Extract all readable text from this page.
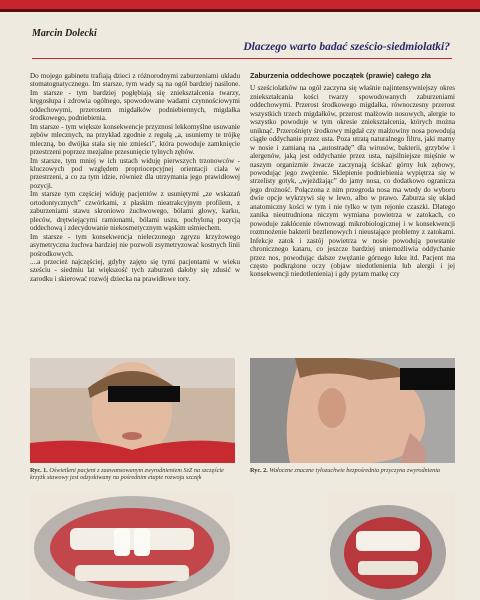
Marcin Dolecki
Dlaczego warto badać sześcio-siedmiolatki?

Do mojego gabinetu trafiają dzieci z różnorodnymi zaburzeniami układu stomatognatycznego. Im starsze, tym wady są na ogół bardziej nasilone. Im starsze - tym bardziej pogłębiają się zniekształcenia twarzy, kręgosłupa i zdrowia ogólnego, spowodowane wadami czynnościowymi oddechowymi, przerostem migdałków podniebiennych, migdałka środkowego, podniebienia.

Im starsze - tym większe konsekwencje przyznosi lekkomyślne usuwanie zębów mlecznych, na przykład zgodnie z regułą „a, usuniemy te trójkę mleczną, bo dwójka stała się nie zmieści”, która powoduje zamknięcie przestrzeni poprzez mezjalne przesunięcie tylnych zębów.

Im starsze, tym mniej w ich ustach widuję pierwszych trzonowców - kluczowych pod względem propriocepcyjnej orientacji ciała w przestrzeni, a co za tym idzie, również dla utrzymania jego prawidłowej pozycji.

Im starsze tym częściej widuję pacjentów z usuniętymi „ze wskazań ortodontycznych” czwórkami, z płaskim nieatrakcyjnym profilem, z zaburzeniami stawu skroniowo żuchwowego, bólami głowy, karku, pleców, drętwiejącymi ramionami, bólami uszu, pochyloną pozycją oddechową i zdecydowanie niekosmetycznym wąskim uśmiechem.

Im starsze - tym konsekwencja nieleczonego zgryzu krzyżowego asymetryczna żuchwa bardziej nie pozwoli zsymetryzować kostnych linii pośrodkowych.

....a przecież najczęściej, gdyby zajęto się tymi pacjentami w wieku sześciu - siedmiu lat większość tych zaburzeń dałoby się zdusić w zarodku i skierować rozwój dziecka na prawidłowe tory.

Zaburzenia oddechowe początek (prawie) całego zła

U sześciolatków na ogół zaczyna się właśnie najintensywniejszy okres zniekształcania kości twarzy spowodowanych zaburzeniami oddechowymi. Przerost środkowego migdałka, równoczesny przerost wszystkich trzech migdałków, przerost małżowin nosowych, alergie to wszystko powoduje w tym okresie zniekształcenia, których można uniknąć. Przerośnięty środkowy migdał czy małżowiny nosa powodują ciągłe oddychanie przez usta. Poza utratą naturalnego filtru, jaki mamy w nosie i zamianą na „autostradę” dla wirusów, bakterii, grzybów i alergenów, jaką jest oddychanie przez usta, najsilniejsze mięśnie w naszym organizmie żwacze zaczynają ściskać górny łuk zębowy, powodując jego zwężenie. Sklepienie podniebienia wypiętrza się w strzelisty gotyk, „wjeżdżając” do jamy nosa, co dodatkowo ogranicza jego drożność. Połączona z nim przegroda nosa ma wtedy do wyboru dwie opcje wykrzywi się w lewo, albo w prawo. Zaburza się układ anatomiczny kości w tym i nie tylko w tym rejonie czaszki. Dlatego zanika nieutrudniona niczym wymiana powietrza w zatokach, co powoduje zakłócenie równowagi mikrobiologicznej i w konsekwencji rozmnożenie bakterii beztlenowych i nieustające problemy z zatokami. Infekcje zatok i zastój powietrza w nosie powodują powstanie chronicznego kataru, co jeszcze bardziej uniemożliwia oddychanie przez nos, powodując dalsze zwężanie górnego łuku itd. Pacjent ma często podkrążone oczy (objaw niedotlenienia lub alergii i jej konsekwencji niedotlenienia) i gdy pytam matkę czy

Ryc. 1. Oświetleni pacjent z zaawansowanym zwyrodnieniem SzZ na szczęście krzyżk stawowy jest odzyskiwany na pośrednim etapie rozwoju szczęk
Ryc. 2. Wałoczne znaczne tyłozuchwie bezpośrednia przyczyna zwyrodnienia
